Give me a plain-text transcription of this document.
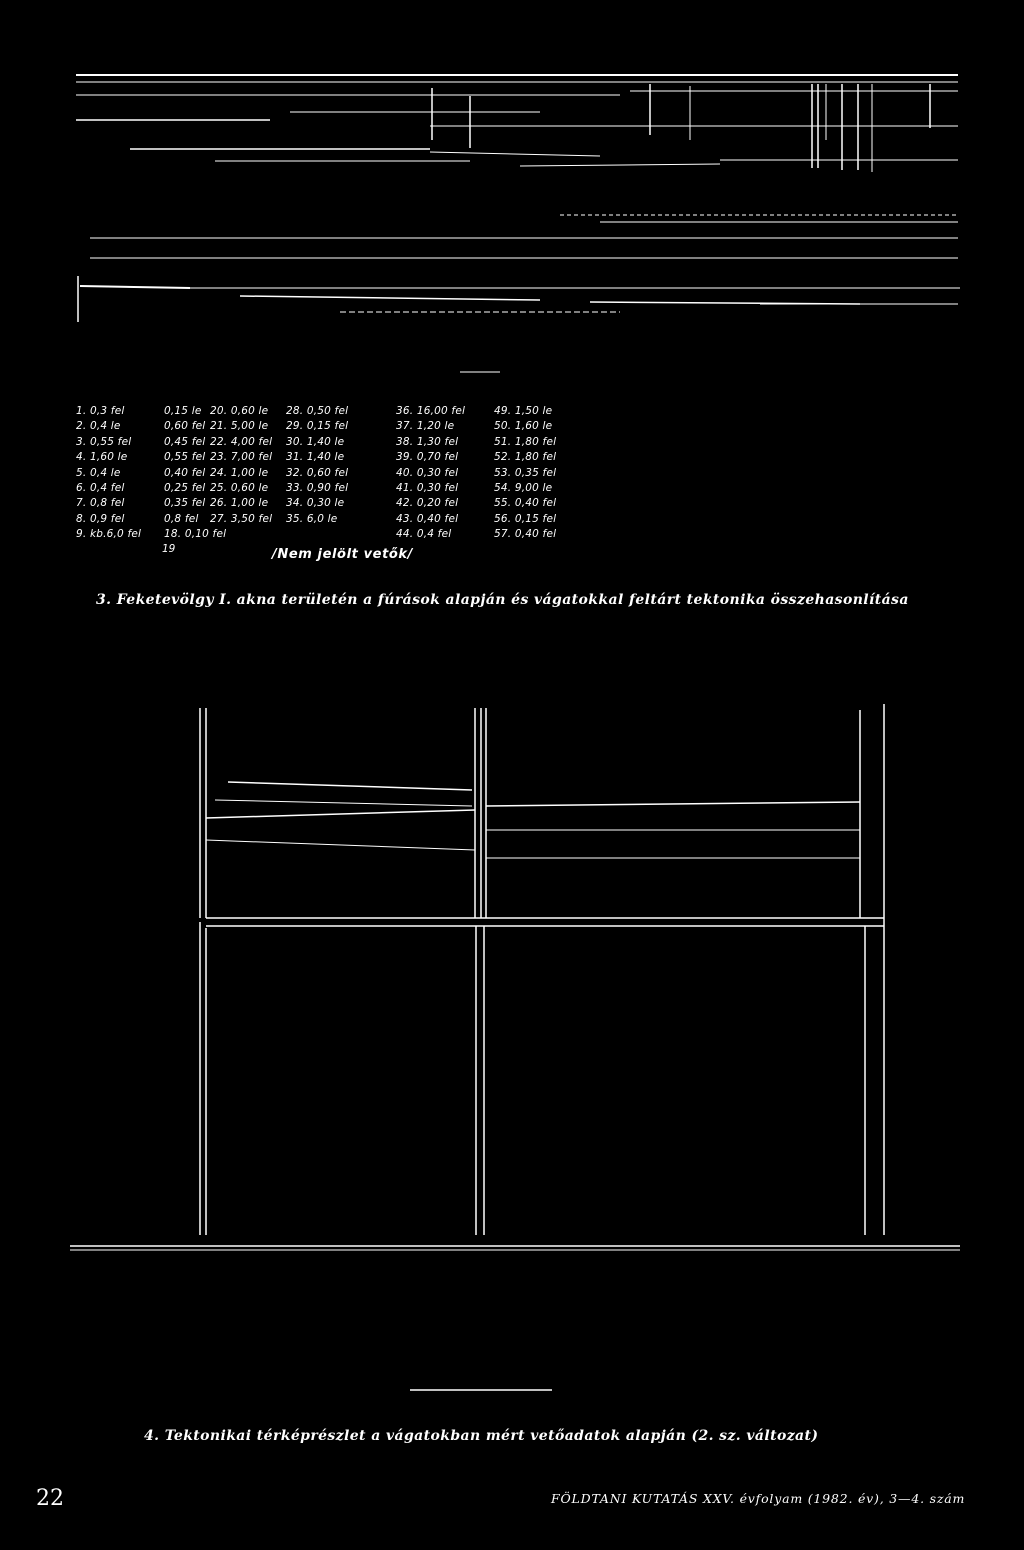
1. 0,3 fel
2. 0,4 le
3. 0,55 fel
4. 1,60 le
5. 0,4 le
6. 0,4 fel
7. 0,8 fel
8. 0,9 fel
9. kb.6,0 fel
0,15 le
0,60 fel
0,45 fel
0,55 fel
0,40 fel
0,25 fel
0,35 fel
0,8 fel
18. 0,10 fel
20. 0,60 le
21. 5,00 le
22. 4,00 fel
23. 7,00 fel
24. 1,00 le
25. 0,60 le
26. 1,00 le
27. 3,50 fel
28. 0,50 fel
29. 0,15 fel
30. 1,40 le
31. 1,40 le
32. 0,60 fel
33. 0,90 fel
34. 0,30 le
35. 6,0 le
36. 16,00 fel
37. 1,20 le
38. 1,30 fel
39. 0,70 fel
40. 0,30 fel
41. 0,30 fel
42. 0,20 fel
43. 0,40 fel
44. 0,4 fel
49. 1,50 le
50. 1,60 le
51. 1,80 fel
52. 1,80 fel
53. 0,35 fel
54. 9,00 le
55. 0,40 fel
56. 0,15 fel
57. 0,40 fel
19	/Nem jelölt vetők/
3. Feketevölgy I. akna területén a fúrások alapján és vágatokkal feltárt tektonika összehasonlítása
4. Tektonikai térképrészlet a vágatokban mért vetőadatok alapján (2. sz. változat)
22	FÖLDTANI KUTATÁS XXV. évfolyam (1982. év), 3—4. szám
